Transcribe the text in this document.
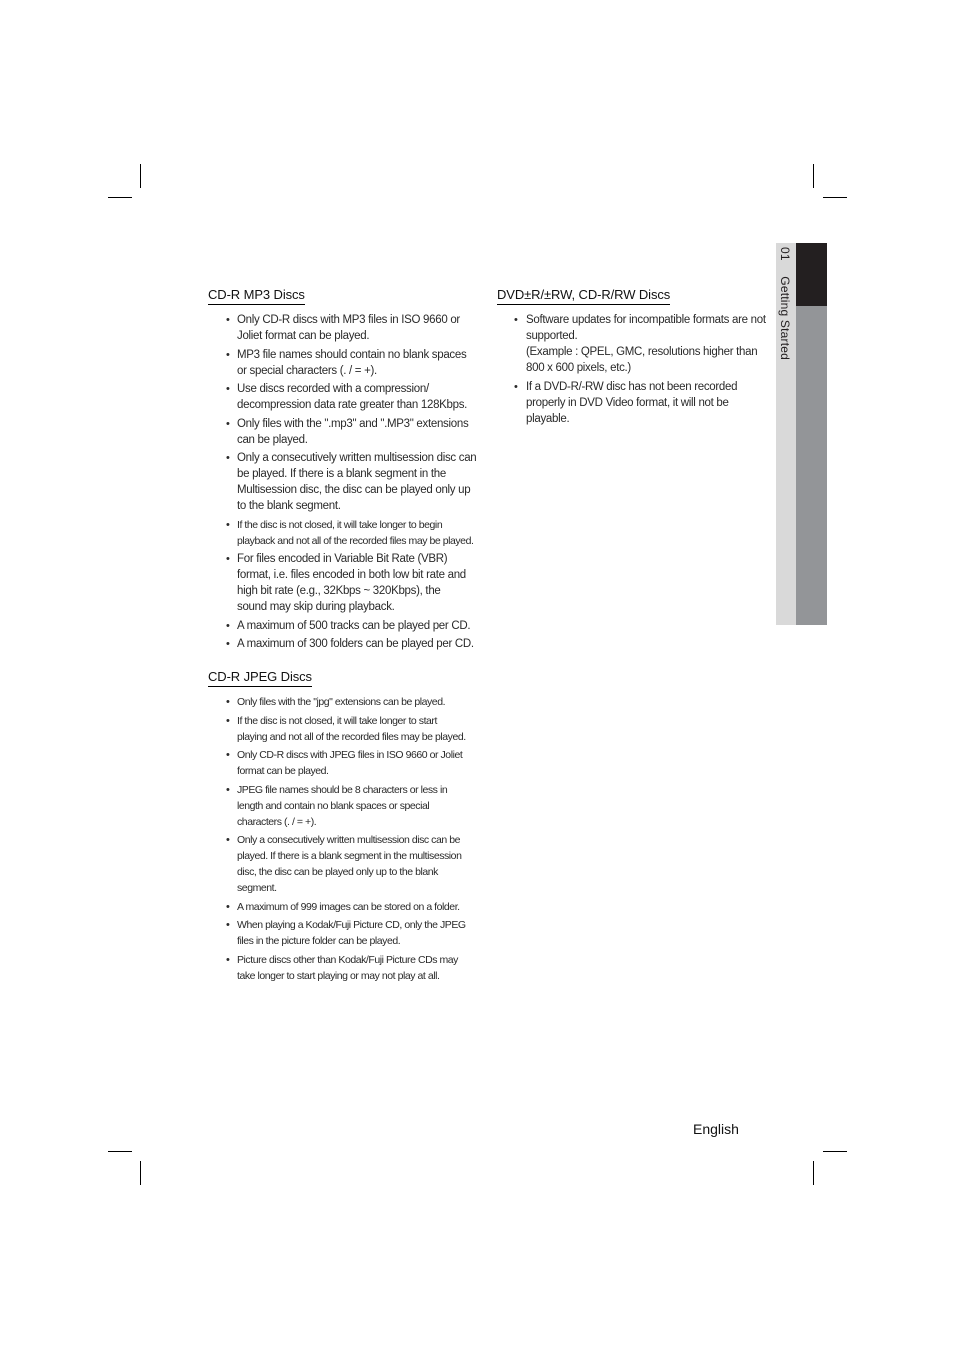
CD-R MP3 Discs
• Only CD-R discs with MP3 files in ISO 9660 or
Joliet format can be played.
• MP3 file names should contain no blank spaces
or special characters (. / = +).
• Use discs recorded with a compression/
decompression data rate greater than 128Kbps.
• Only files with the ".mp3" and ".MP3" extensions
can be played.
• Only a consecutively written multisession disc can
be played. If there is a blank segment in the
Multisession disc, the disc can be played only up
to the blank segment.
• If the disc is not closed, it will take longer to begin
playback and not all of the recorded files may be played.
• For files encoded in Variable Bit Rate (VBR)
format, i.e. files encoded in both low bit rate and
high bit rate (e.g., 32Kbps ~ 320Kbps), the
sound may skip during playback.
• A maximum of 500 tracks can be played per CD.
• A maximum of 300 folders can be played per CD.
CD-R JPEG Discs
• Only files with the "jpg" extensions can be played.
• If the disc is not closed, it will take longer to start
playing and not all of the recorded files may be played.
• Only CD-R discs with JPEG files in ISO 9660 or Joliet
format can be played.
• JPEG file names should be 8 characters or less in
length and contain no blank spaces or special
characters (. / = +).
• Only a consecutively written multisession disc can be
played. If there is a blank segment in the multisession
disc, the disc can be played only up to the blank
segment.
• A maximum of 999 images can be stored on a folder.
• When playing a Kodak/Fuji Picture CD, only the JPEG
files in the picture folder can be played.
• Picture discs other than Kodak/Fuji Picture CDs may
take longer to start playing or may not play at all.
DVD±R/±RW, CD-R/RW Discs
• Software updates for incompatible formats are not
supported.
(Example : QPEL, GMC, resolutions higher than
800 x 600 pixels, etc.)
• If a DVD-R/-RW disc has not been recorded
properly in DVD Video format, it will not be
playable.
01 Getting Started
English
